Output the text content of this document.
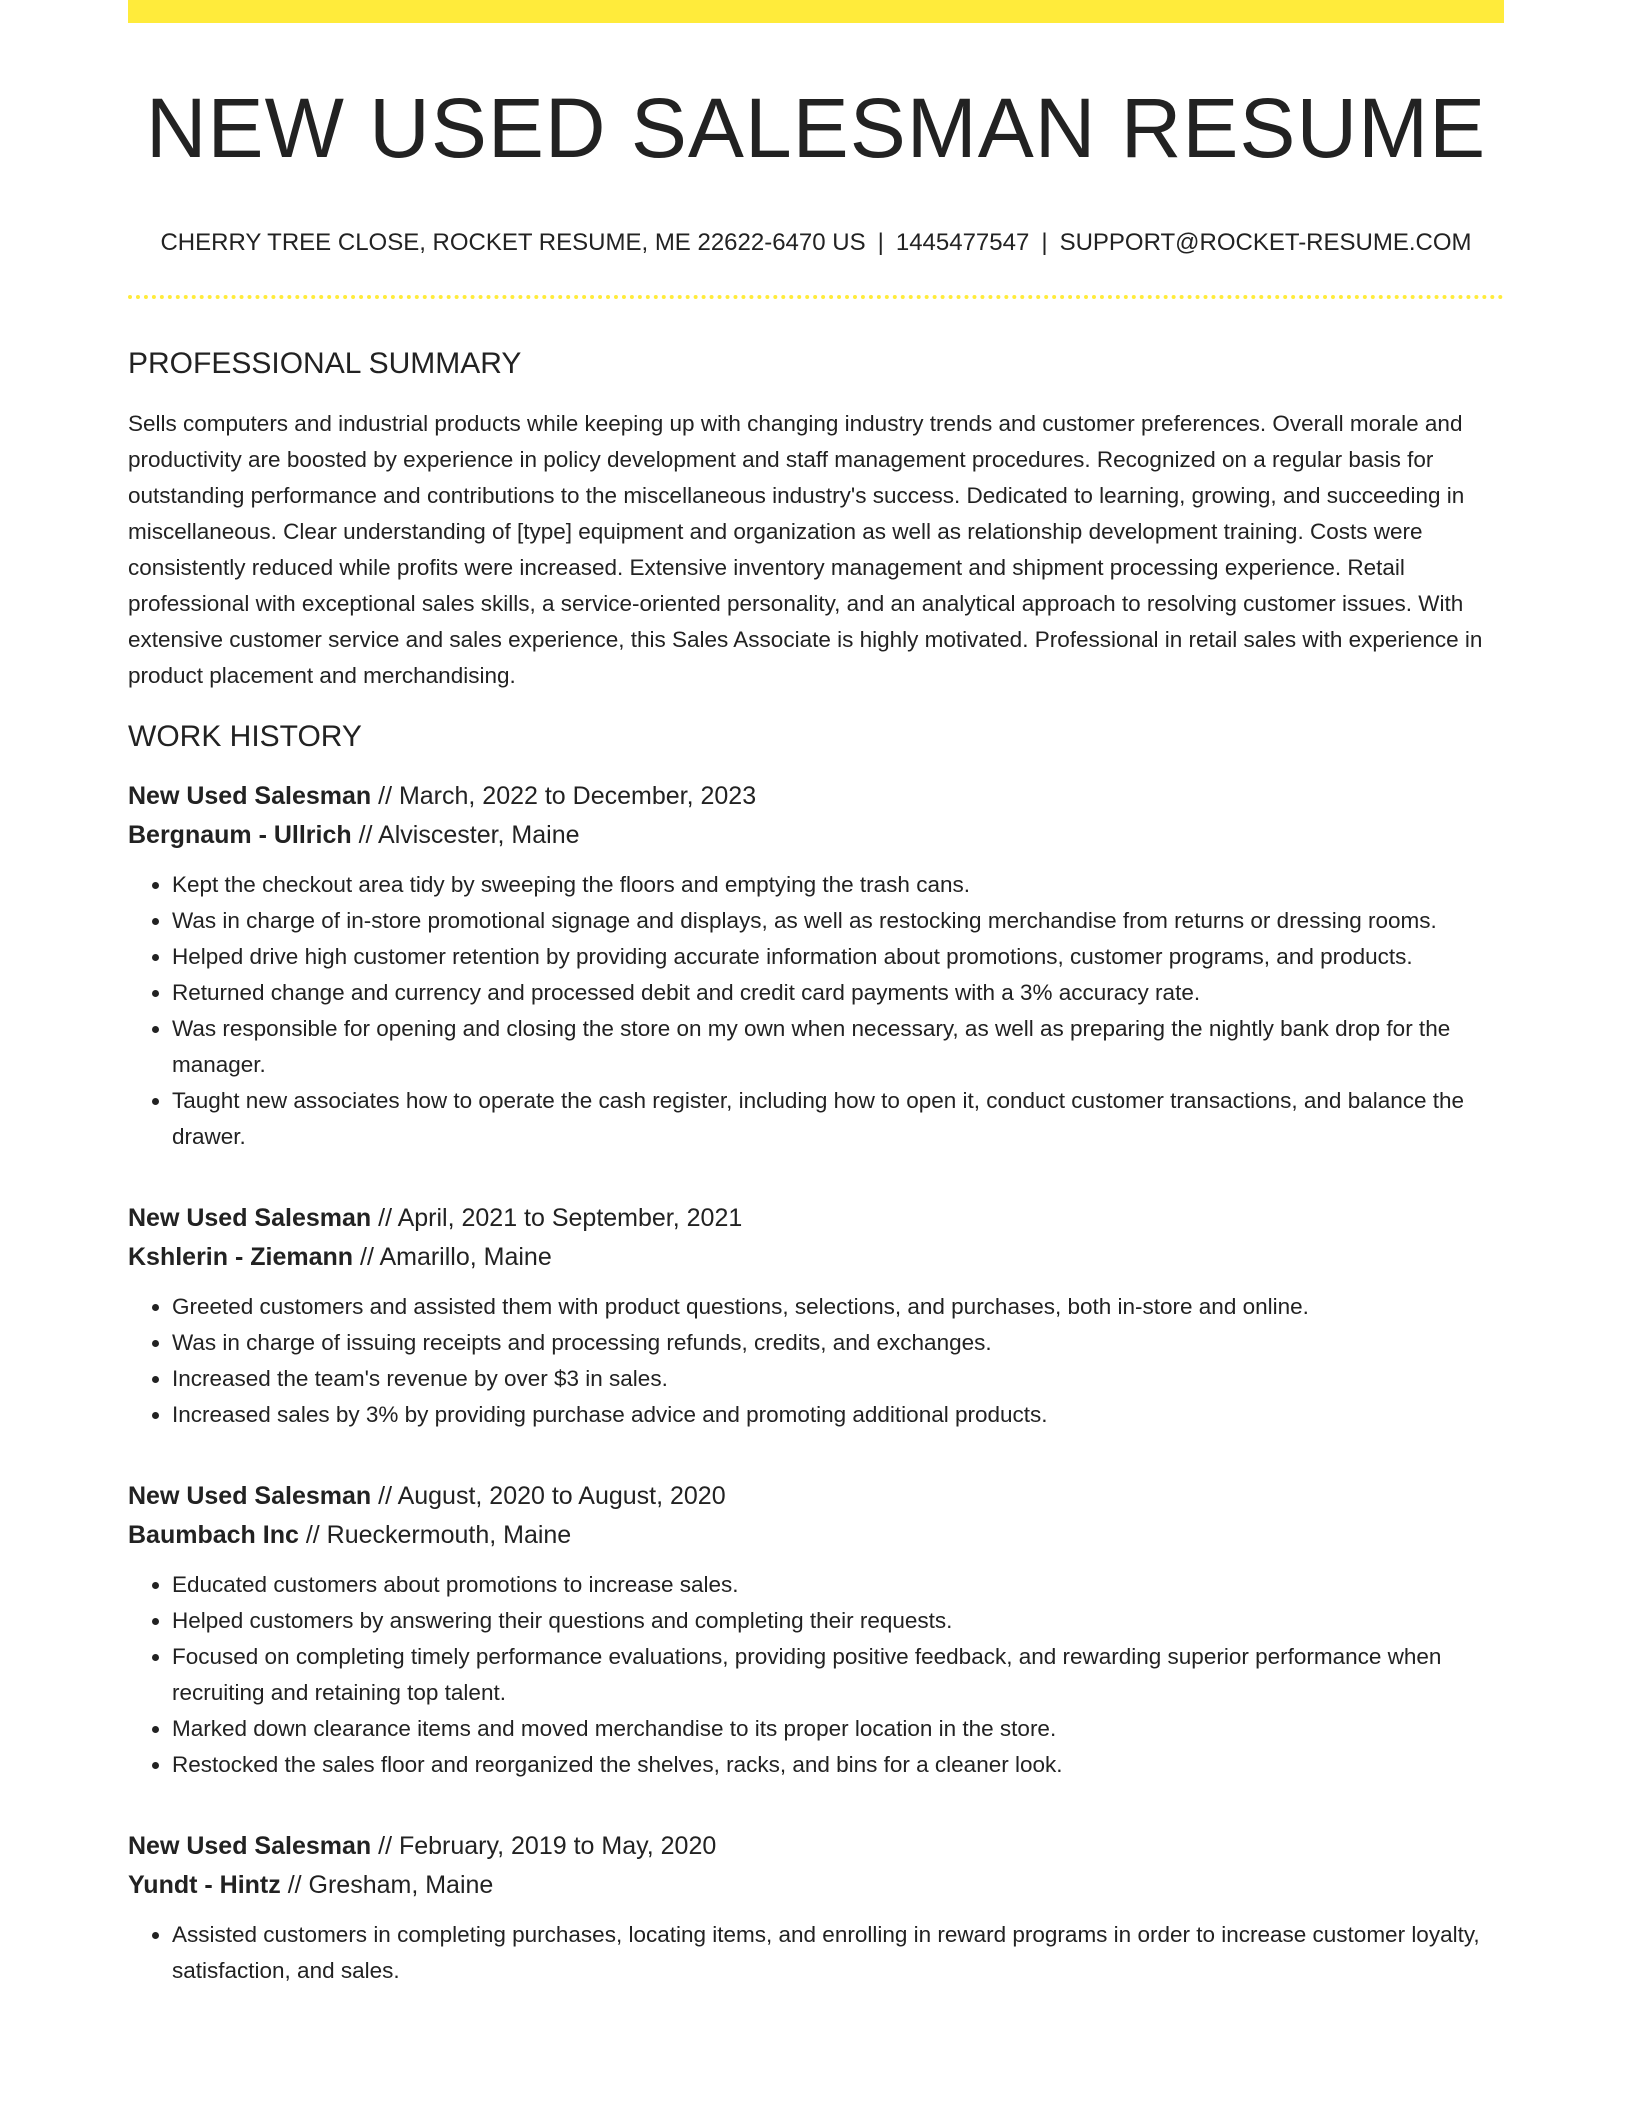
NEW USED SALESMAN RESUME
CHERRY TREE CLOSE, ROCKET RESUME, ME 22622-6470 US | 1445477547 | SUPPORT@ROCKET-RESUME.COM
PROFESSIONAL SUMMARY
Sells computers and industrial products while keeping up with changing industry trends and customer preferences. Overall morale and productivity are boosted by experience in policy development and staff management procedures. Recognized on a regular basis for outstanding performance and contributions to the miscellaneous industry's success. Dedicated to learning, growing, and succeeding in miscellaneous. Clear understanding of [type] equipment and organization as well as relationship development training. Costs were consistently reduced while profits were increased. Extensive inventory management and shipment processing experience. Retail professional with exceptional sales skills, a service-oriented personality, and an analytical approach to resolving customer issues. With extensive customer service and sales experience, this Sales Associate is highly motivated. Professional in retail sales with experience in product placement and merchandising.
WORK HISTORY
New Used Salesman // March, 2022 to December, 2023
Bergnaum - Ullrich // Alviscester, Maine
• Kept the checkout area tidy by sweeping the floors and emptying the trash cans.
• Was in charge of in-store promotional signage and displays, as well as restocking merchandise from returns or dressing rooms.
• Helped drive high customer retention by providing accurate information about promotions, customer programs, and products.
• Returned change and currency and processed debit and credit card payments with a 3% accuracy rate.
• Was responsible for opening and closing the store on my own when necessary, as well as preparing the nightly bank drop for the manager.
• Taught new associates how to operate the cash register, including how to open it, conduct customer transactions, and balance the drawer.
New Used Salesman // April, 2021 to September, 2021
Kshlerin - Ziemann // Amarillo, Maine
• Greeted customers and assisted them with product questions, selections, and purchases, both in-store and online.
• Was in charge of issuing receipts and processing refunds, credits, and exchanges.
• Increased the team's revenue by over $3 in sales.
• Increased sales by 3% by providing purchase advice and promoting additional products.
New Used Salesman // August, 2020 to August, 2020
Baumbach Inc // Rueckermouth, Maine
• Educated customers about promotions to increase sales.
• Helped customers by answering their questions and completing their requests.
• Focused on completing timely performance evaluations, providing positive feedback, and rewarding superior performance when recruiting and retaining top talent.
• Marked down clearance items and moved merchandise to its proper location in the store.
• Restocked the sales floor and reorganized the shelves, racks, and bins for a cleaner look.
New Used Salesman // February, 2019 to May, 2020
Yundt - Hintz // Gresham, Maine
• Assisted customers in completing purchases, locating items, and enrolling in reward programs in order to increase customer loyalty, satisfaction, and sales.
